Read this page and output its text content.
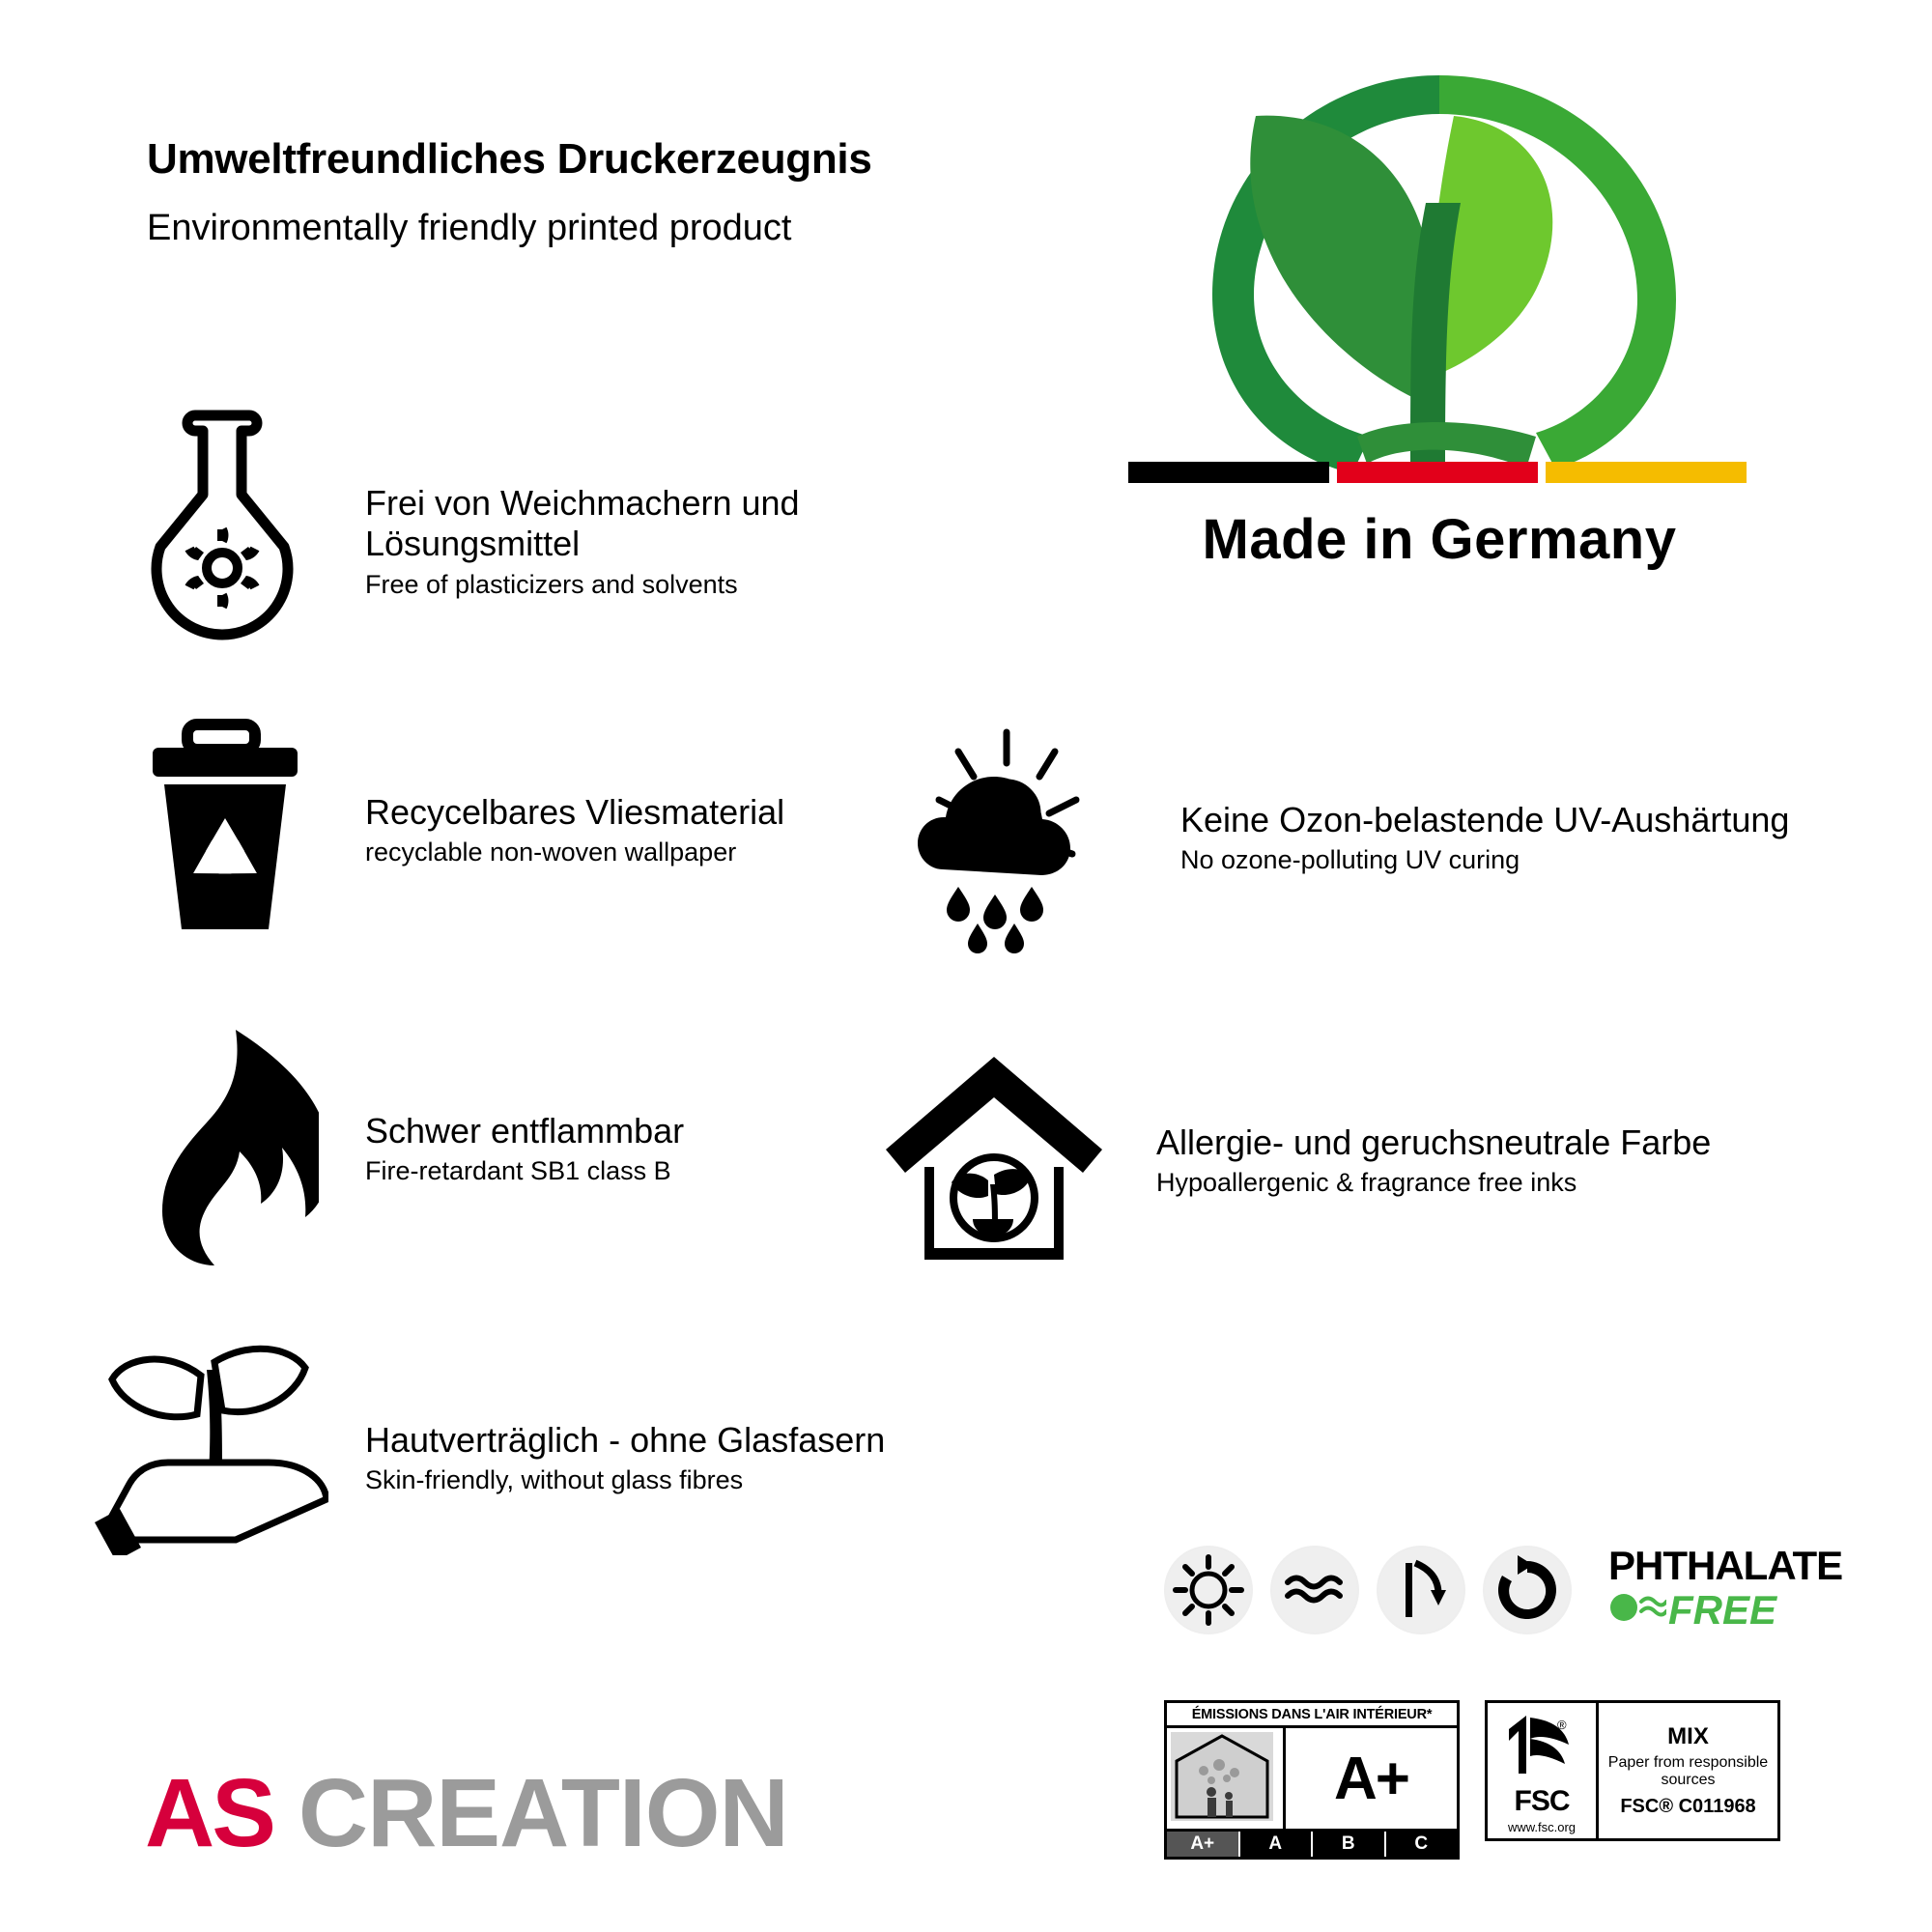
Umweltfreundliches Druckerzeugnis
Environmentally friendly printed product
Made in Germany
Frei von Weichmachern und Lösungsmittel
Free of plasticizers and solvents
Recycelbares Vliesmaterial
recyclable non-woven wallpaper
Schwer entflammbar
Fire-retardant SB1 class B
Hautverträglich - ohne Glasfasern
Skin-friendly, without glass fibres
Keine Ozon-belastende UV-Aushärtung
No ozone-polluting UV curing
Allergie- und geruchsneutrale Farbe
Hypoallergenic & fragrance free inks
PHTHALATE
FREE
ÉMISSIONS DANS L'AIR INTÉRIEUR*
A+
A+	A	B	C
®
FSC
www.fsc.org
MIX
Paper from responsible sources
FSC® C011968
AS CREATION
